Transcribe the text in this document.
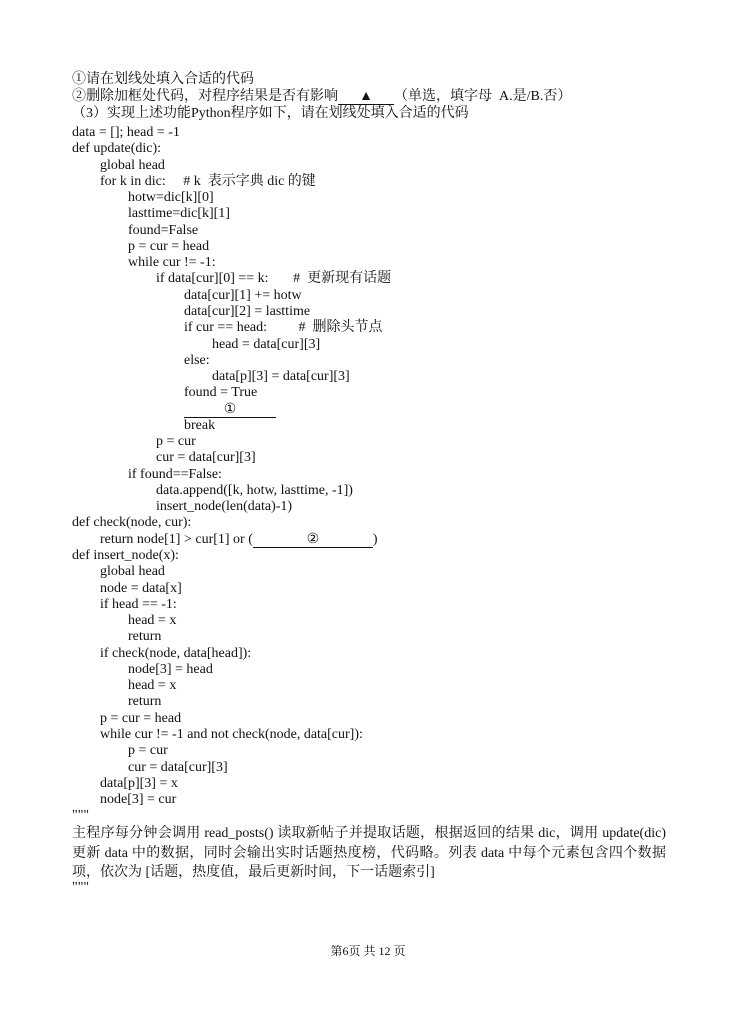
①请在划线处填入合适的代码
②删除加框处代码，对程序结果是否有影响 ▲ （单选，填字母  A.是/B.否）
（3）实现上述功能Python程序如下，请在划线处填入合适的代码
data = []; head = -1
def update(dic):
global head
for k in dic:     # k  表示字典 dic 的键
hotw=dic[k][0]
lasttime=dic[k][1]
found=False
p = cur = head
while cur != -1:
if data[cur][0] == k:       #  更新现有话题
data[cur][1] += hotw
data[cur][2] = lasttime
if cur == head:         #  删除头节点
head = data[cur][3]
else:
data[p][3] = data[cur][3]
found = True
①
break
p = cur
cur = data[cur][3]
if found==False:
data.append([k, hotw, lasttime, -1])
insert_node(len(data)-1)
def check(node, cur):
return node[1] > cur[1] or (	②	)
def insert_node(x):
global head
node = data[x]
if head == -1:
head = x
return
if check(node, data[head]):
node[3] = head
head = x
return
p = cur = head
while cur != -1 and not check(node, data[cur]):
p = cur
cur = data[cur][3]
data[p][3] = x
node[3] = cur
"""
主程序每分钟会调用 read_posts() 读取新帖子并提取话题，根据返回的结果 dic，调用 update(dic) 更新 data 中的数据，同时会输出实时话题热度榜，代码略。列表 data 中每个元素包含四个数据项，依次为 [话题，热度值，最后更新时间，下一话题索引]
"""
第6页 共 12 页
